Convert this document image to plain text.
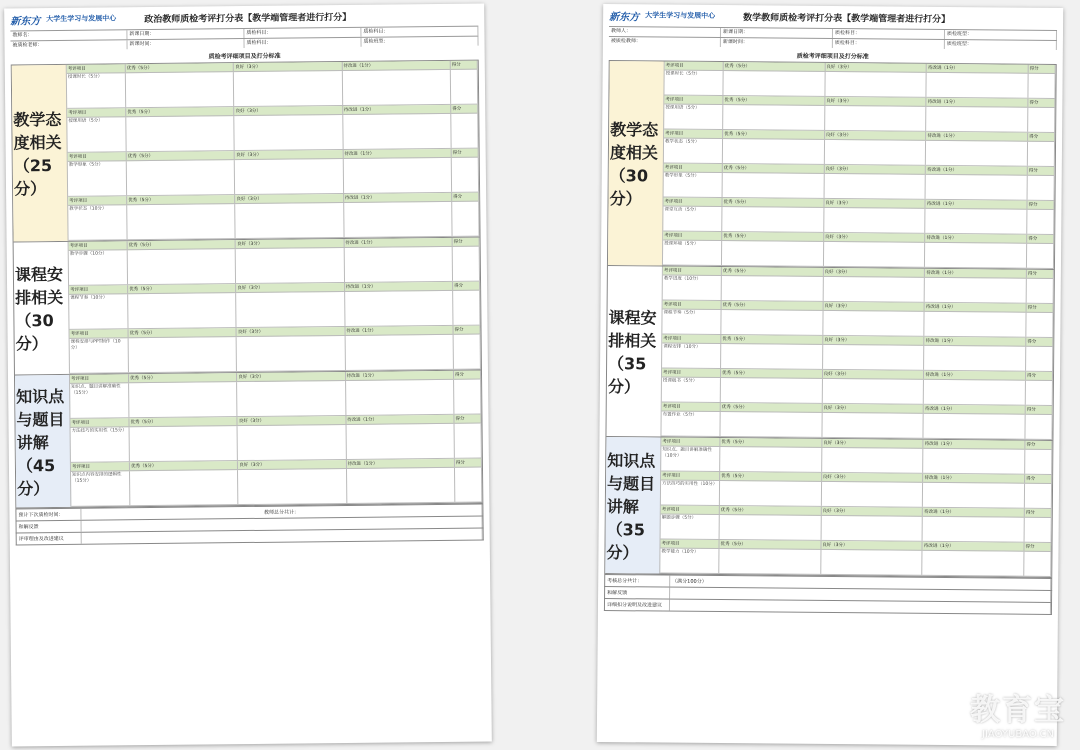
新东方 大学生学习与发展中心	政治教师质检考评打分表【教学端管理者进行打分】
教师名：	新课日期：	质检科目：	质检科目：
被质检老师：	新课时间：	质检科目：	质检班型：
质检考评细项目及打分标准
教学态度相关（25分）
考评项目	优秀（5分）	良好（3分）	待改进（1分）	得分
授课时长（5分）
考评项目	优秀（5分）	良好（3分）	待改进（1分）	得分
授课用语（5分）
考评项目	优秀（5分）	良好（3分）	待改进（1分）	得分
教学形象（5分）
考评项目	优秀（5分）	良好（3分）	待改进（1分）	得分
教学状态（10分）
课程安排相关（30分）
考评项目	优秀（5分）	良好（3分）	待改进（1分）	得分
教学步骤（10分）
考评项目	优秀（5分）	良好（3分）	待改进（1分）	得分
课程节奏（10分）
考评项目	优秀（5分）	良好（3分）	待改进（1分）	得分
课程安排与PPT制作（10分）
知识点与题目讲解（45分）
考评项目	优秀（5分）	良好（3分）	待改进（1分）	得分
知识点、题目讲解准确性（15分）
考评项目	优秀（5分）	良好（3分）	待改进（1分）	得分
方法技巧的实用性（15分）
考评项目	优秀（5分）	良好（3分）	待改进（1分）	得分
知识点内容安排的逻辑性（15分）
预计下次质检时间：	教师总分共计：
和解反馈
评审理由及改进建议
新东方 大学生学习与发展中心	数学教师质检考评打分表【教学端管理者进行打分】
教师人：	新课日期：	质检科目：	质检班型：
被质检教师：	新课时间：	质检科目：	质检班型：
质检考评细项目及打分标准
教学态度相关（30分）
考评项目	优秀（5分）	良好（3分）	待改进（1分）	得分
授课时长（5分）
考评项目	优秀（5分）	良好（3分）	待改进（1分）	得分
授课用语（5分）
考评项目	优秀（5分）	良好（3分）	待改进（1分）	得分
教学状态（5分）
考评项目	优秀（5分）	良好（3分）	待改进（1分）	得分
教学形象（5分）
考评项目	优秀（5分）	良好（3分）	待改进（1分）	得分
课堂互动（5分）
考评项目	优秀（5分）	良好（3分）	待改进（1分）	得分
授课环境（5分）
课程安排相关（35分）
考评项目	优秀（5分）	良好（3分）	待改进（1分）	得分
教学进度（10分）
考评项目	优秀（5分）	良好（3分）	待改进（1分）	得分
课程节奏（5分）
考评项目	优秀（5分）	良好（3分）	待改进（1分）	得分
课程安排（10分）
考评项目	优秀（5分）	良好（3分）	待改进（1分）	得分
授课板书（5分）
考评项目	优秀（5分）	良好（3分）	待改进（1分）	得分
布置作业（5分）
知识点与题目讲解（35分）
考评项目	优秀（5分）	良好（3分）	待改进（1分）	得分
知识点、题目讲解准确性（10分）
考评项目	优秀（5分）	良好（3分）	待改进（1分）	得分
方法技巧的实用性（10分）
考评项目	优秀（5分）	良好（3分）	待改进（1分）	得分
解题步骤（5分）
考评项目	优秀（5分）	良好（3分）	待改进（1分）	得分
教学能力（10分）
考核总分共计：	（满分100分）
和解反馈
详细扣分说明及改进建议
教育宝
JIAOYUBAO.CN
